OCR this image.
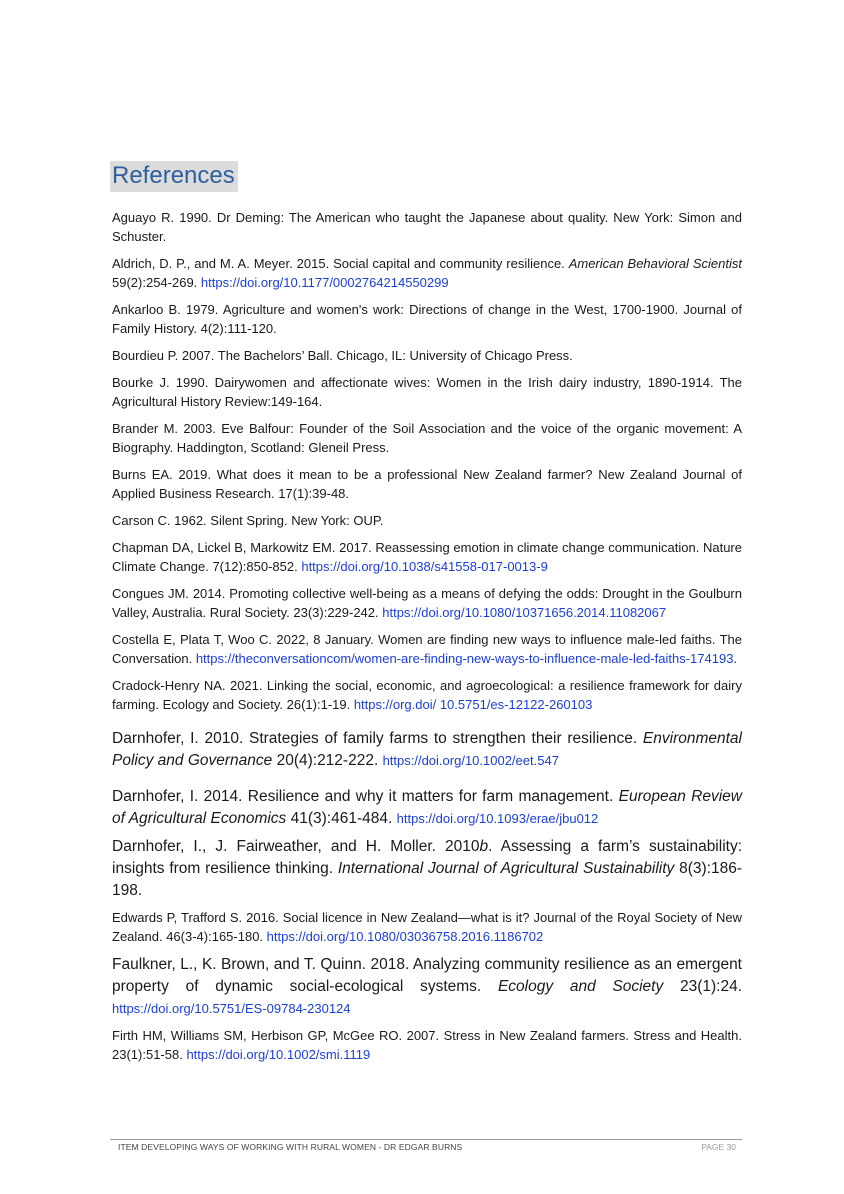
References

Aguayo R. 1990. Dr Deming: The American who taught the Japanese about quality. New York: Simon and Schuster.

Aldrich, D. P., and M. A. Meyer. 2015. Social capital and community resilience. American Behavioral Scientist 59(2):254-269. https://doi.org/10.1177/0002764214550299

Ankarloo B. 1979. Agriculture and women's work: Directions of change in the West, 1700-1900. Journal of Family History. 4(2):111-120.

Bourdieu P. 2007. The Bachelors’ Ball. Chicago, IL: University of Chicago Press.

Bourke J. 1990. Dairywomen and affectionate wives: Women in the Irish dairy industry, 1890-1914. The Agricultural History Review:149-164.

Brander M. 2003. Eve Balfour: Founder of the Soil Association and the voice of the organic movement: A Biography. Haddington, Scotland: Gleneil Press.

Burns EA. 2019. What does it mean to be a professional New Zealand farmer? New Zealand Journal of Applied Business Research. 17(1):39-48.

Carson C. 1962. Silent Spring. New York: OUP.

Chapman DA, Lickel B, Markowitz EM. 2017. Reassessing emotion in climate change communication. Nature Climate Change. 7(12):850-852. https://doi.org/10.1038/s41558-017-0013-9

Congues JM. 2014. Promoting collective well-being as a means of defying the odds: Drought in the Goulburn Valley, Australia. Rural Society. 23(3):229-242. https://doi.org/10.1080/10371656.2014.11082067

Costella E, Plata T, Woo C. 2022, 8 January. Women are finding new ways to influence male-led faiths. The Conversation. https://theconversationcom/women-are-finding-new-ways-to-influence-male-led-faiths-174193.

Cradock-Henry NA. 2021. Linking the social, economic, and agroecological: a resilience framework for dairy farming. Ecology and Society. 26(1):1-19. https://org.doi/ 10.5751/es-12122-260103

Darnhofer, I. 2010. Strategies of family farms to strengthen their resilience. Environmental Policy and Governance 20(4):212-222. https://doi.org/10.1002/eet.547

Darnhofer, I. 2014. Resilience and why it matters for farm management. European Review of Agricultural Economics 41(3):461-484. https://doi.org/10.1093/erae/jbu012

Darnhofer, I., J. Fairweather, and H. Moller. 2010b. Assessing a farm’s sustainability: insights from resilience thinking. International Journal of Agricultural Sustainability 8(3):186-198.

Edwards P, Trafford S. 2016. Social licence in New Zealand—what is it? Journal of the Royal Society of New Zealand. 46(3-4):165-180. https://doi.org/10.1080/03036758.2016.1186702

Faulkner, L., K. Brown, and T. Quinn. 2018. Analyzing community resilience as an emergent property of dynamic social-ecological systems. Ecology and Society 23(1):24. https://doi.org/10.5751/ES-09784-230124

Firth HM, Williams SM, Herbison GP, McGee RO. 2007. Stress in New Zealand farmers. Stress and Health. 23(1):51-58. https://doi.org/10.1002/smi.1119

ITEM DEVELOPING WAYS OF WORKING WITH RURAL WOMEN - DR EDGAR BURNS	PAGE 30
